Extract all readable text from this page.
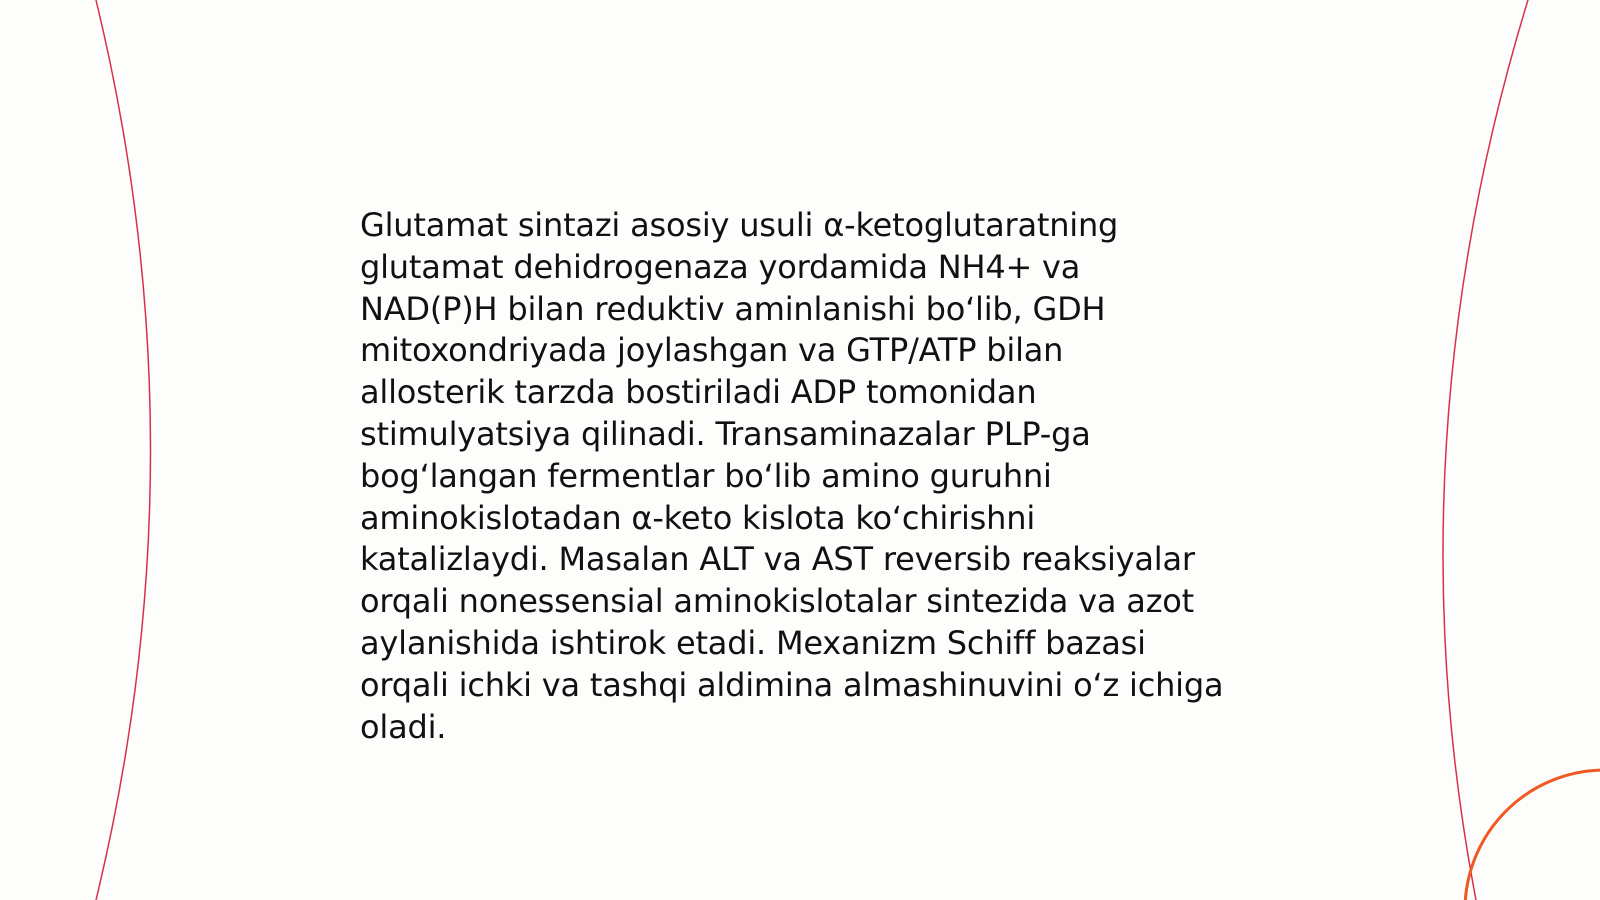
Glutamat sintazi asosiy usuli α-ketoglutaratning
glutamat dehidrogenaza yordamida NH4+ va
NAD(P)H bilan reduktiv aminlanishi bo‘lib, GDH
mitoxondriyada joylashgan va GTP/ATP bilan
allosterik tarzda bostiriladi ADP tomonidan
stimulyatsiya qilinadi. Transaminazalar PLP-ga
bog‘langan fermentlar bo‘lib amino guruhni
aminokislotadan α-keto kislota ko‘chirishni
katalizlaydi. Masalan ALT va AST reversib reaksiyalar
orqali nonessensial aminokislotalar sintezida va azot
aylanishida ishtirok etadi. Mexanizm Schiff bazasi
orqali ichki va tashqi aldimina almashinuvini o‘z ichiga
oladi.
